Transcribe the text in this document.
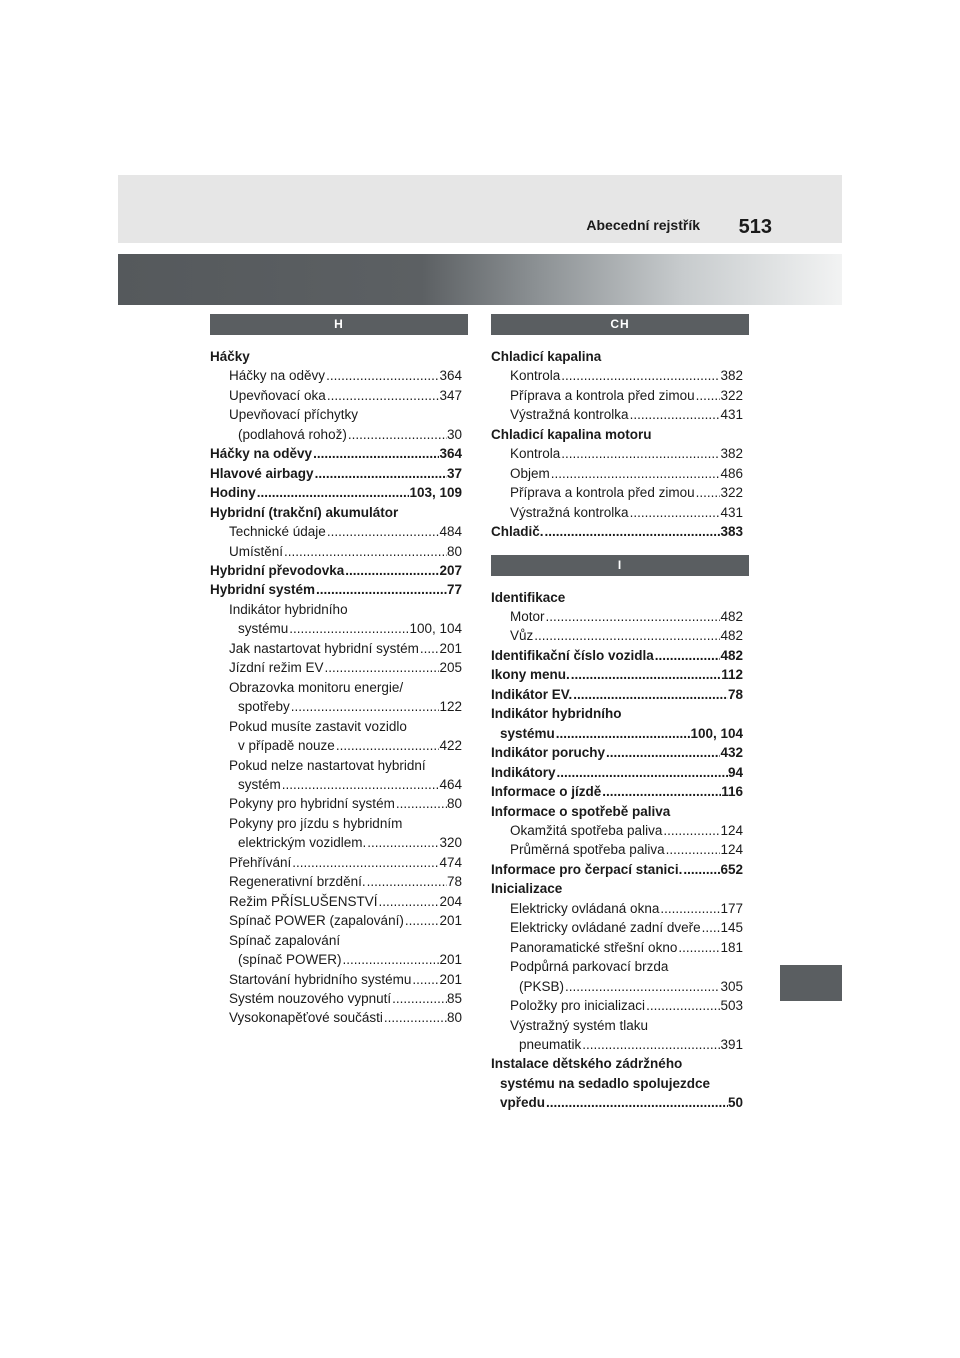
Abecední rejstřík 513
H
Háčky
Háčky na oděvy .....	364
Upevňovací oka .....	347
Upevňovací příchytky
(podlahová rohož) .....	30
Háčky na oděvy .....	364
Hlavové airbagy .....	37
Hodiny .....	103, 109
Hybridní (trakční) akumulátor
Technické údaje .....	484
Umístění .....	80
Hybridní převodovka .....	207
Hybridní systém .....	77
Indikátor hybridního
systému .....	100, 104
Jak nastartovat hybridní systém ..... 201
Jízdní režim EV .....	205
Obrazovka monitoru energie/
spotřeby .....	122
Pokud musíte zastavit vozidlo
v případě nouze .....	422
Pokud nelze nastartovat hybridní
systém .....	464
Pokyny pro hybridní systém .....	80
Pokyny pro jízdu s hybridním
elektrickým vozidlem. .....	320
Přehřívání .....	474
Regenerativní brzdění. .....	78
Režim PŘÍSLUŠENSTVÍ .....	204
Spínač POWER (zapalování) .....	201
Spínač zapalování
(spínač POWER) .....	201
Startování hybridního systému ..... 201
Systém nouzového vypnutí .....	85
Vysokonapěťové součásti .....	80
CH
Chladicí kapalina
Kontrola .....	382
Příprava a kontrola před zimou ..... 322
Výstražná kontrolka .....	431
Chladicí kapalina motoru
Kontrola .....	382
Objem .....	486
Příprava a kontrola před zimou ..... 322
Výstražná kontrolka .....	431
Chladič. .....	383
I
Identifikace
Motor .....	482
Vůz .....	482
Identifikační číslo vozidla .....	482
Ikony menu. .....	112
Indikátor EV. .....	78
Indikátor hybridního
systému .....	100, 104
Indikátor poruchy .....	432
Indikátory .....	94
Informace o jízdě .....	116
Informace o spotřebě paliva
Okamžitá spotřeba paliva .....	124
Průměrná spotřeba paliva .....	124
Informace pro čerpací stanici. .....	652
Inicializace
Elektricky ovládaná okna .....	177
Elektricky ovládané zadní dveře ..... 145
Panoramatické střešní okno .....	181
Podpůrná parkovací brzda
(PKSB) .....	305
Položky pro inicializaci .....	503
Výstražný systém tlaku
pneumatik .....	391
Instalace dětského zádržného
systému na sedadlo spolujezdce
vpředu .....	50
